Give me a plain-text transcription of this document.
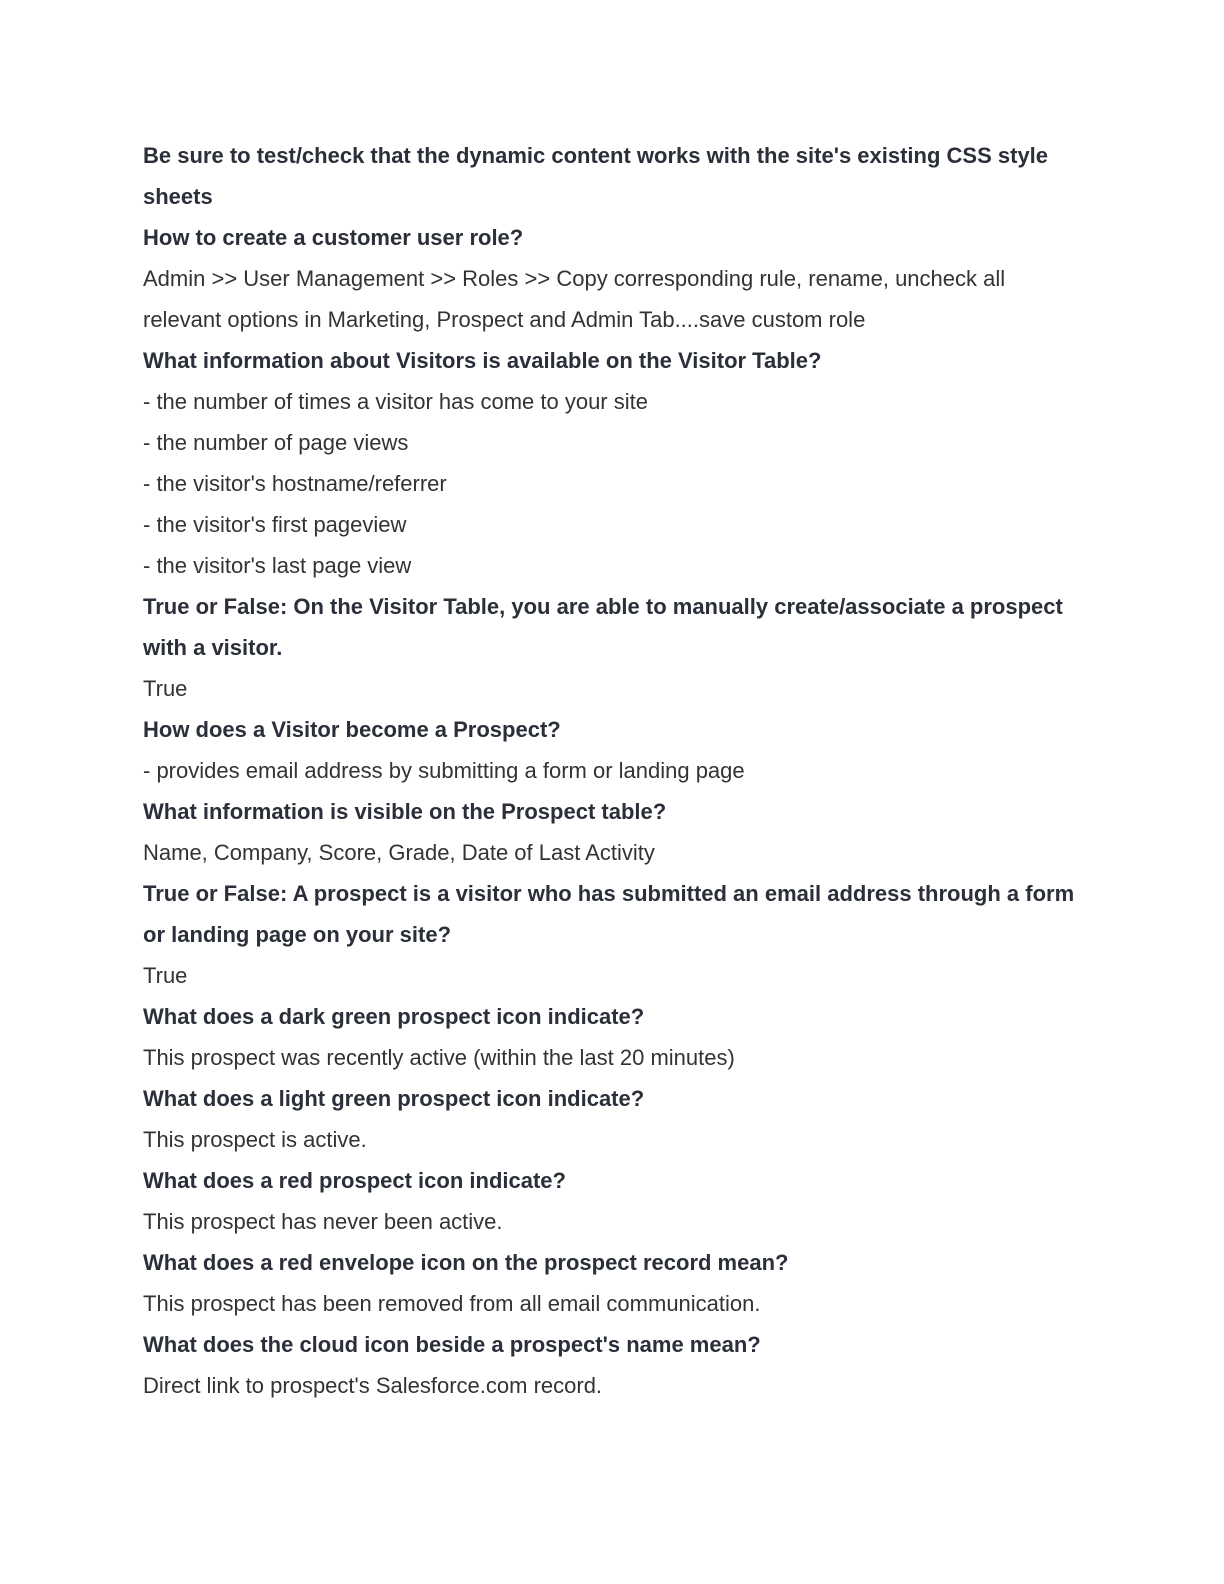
Be sure to test/check that the dynamic content works with the site's existing CSS style sheets

How to create a customer user role?

Admin >> User Management >> Roles >> Copy corresponding rule, rename, uncheck all relevant options in Marketing, Prospect and Admin Tab....save custom role

What information about Visitors is available on the Visitor Table?

- the number of times a visitor has come to your site

- the number of page views

- the visitor's hostname/referrer

- the visitor's first pageview

- the visitor's last page view

True or False: On the Visitor Table, you are able to manually create/associate a prospect with a visitor.

True

How does a Visitor become a Prospect?

- provides email address by submitting a form or landing page

What information is visible on the Prospect table?

Name, Company, Score, Grade, Date of Last Activity

True or False: A prospect is a visitor who has submitted an email address through a form or landing page on your site?

True

What does a dark green prospect icon indicate?

This prospect was recently active (within the last 20 minutes)

What does a light green prospect icon indicate?

This prospect is active.

What does a red prospect icon indicate?

This prospect has never been active.

What does a red envelope icon on the prospect record mean?

This prospect has been removed from all email communication.

What does the cloud icon beside a prospect's name mean?

Direct link to prospect's Salesforce.com record.
